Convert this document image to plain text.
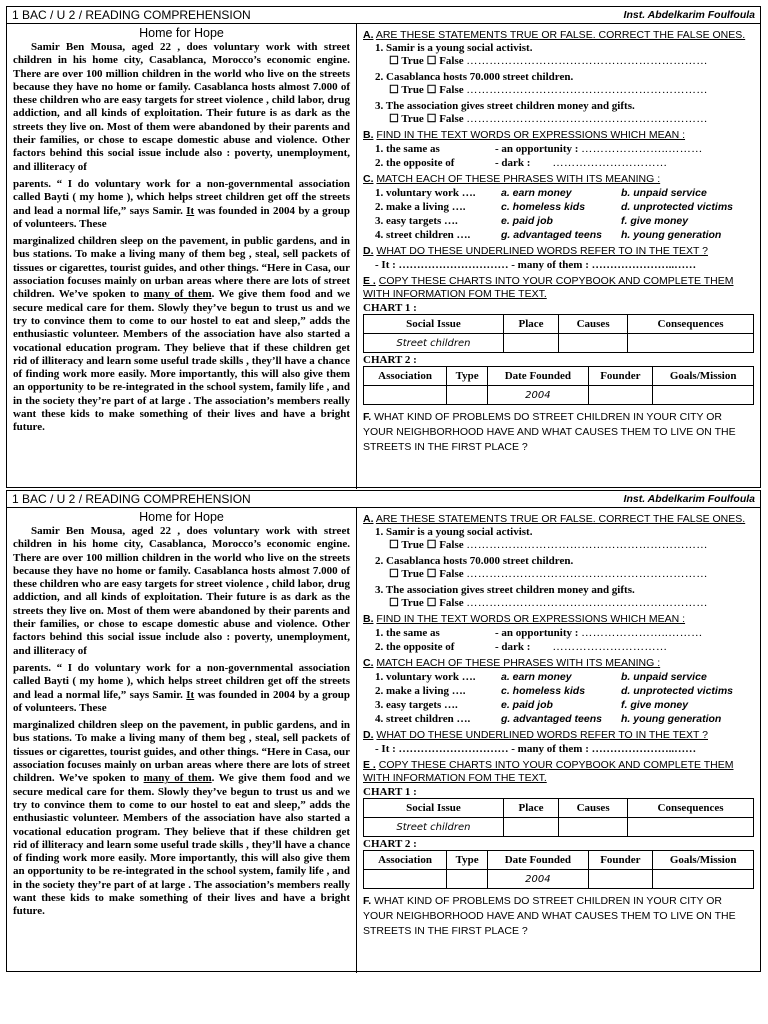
1 BAC / U 2 / READING COMPREHENSION	Inst. Abdelkarim Foulfoula
Home for Hope

Samir Ben Mousa, aged 22 , does voluntary work with street children in his home city, Casablanca, Morocco’s economic engine. There are over 100 million children in the world who live on the streets because they have no home or family. Casablanca hosts almost 7.000 of these children who are easy targets for street violence , child labor, drug addiction, and all kinds of exploitation. Their future is as dark as the streets they live on. Most of them were abandoned by their parents and their families, or chose to escape domestic abuse and violence. Other factors behind this social issue include also : poverty, unemployment, and illiteracy of

parents. “ I do voluntary work for a non-governmental association called Bayti ( my home ), which helps street children get off the streets and lead a normal life,” says Samir. It was founded in 2004 by a group of volunteers. These

marginalized children sleep on the pavement, in public gardens, and in bus stations. To make a living many of them beg , steal, sell packets of tissues or cigarettes, tourist guides, and other things. “Here in Casa, our association focuses mainly on urban areas where there are lots of street children. We’ve spoken to many of them. We give them food and we secure medical care for them. Slowly they’ve begun to trust us and we try to convince them to come to our hostel to eat and sleep,” adds the enthusiastic volunteer. Members of the association have also started a vocational education program. They believe that if these children get rid of illiteracy and learn some useful trade skills , they’ll have a chance of finding work more easily. More importantly, this will also give them an opportunity to be re-integrated in the school system, family life , and in the society they’re part of at large . The association’s members really want these kids to make something of their lives and have a bright future.

A. ARE THESE STATEMENTS TRUE OR FALSE. CORRECT THE FALSE ONES.
1. Samir is a young social activist.
☐ True ☐ False ………………………………………………………
2. Casablanca hosts 70.000 street children.
☐ True ☐ False ………………………………………………………
3. The association gives street children money and gifts.
☐ True ☐ False ………………………………………………………
B. FIND IN THE TEXT WORDS OR EXPRESSIONS WHICH MEAN :
1. the same as	- an opportunity :
…………………..………
2. the opposite of	- dark :
…………………………
C. MATCH EACH OF THESE PHRASES WITH ITS MEANING :
1. voluntary work ….	a. earn money	b. unpaid service
2. make a living ….	c. homeless kids	d. unprotected victims
3. easy targets ….	e. paid job	f. give money
4. street children ….	g. advantaged teens	h. young generation
D. WHAT DO THESE UNDERLINED WORDS REFER TO IN THE TEXT ?
- It : ………………………… - many of them : …………………..……
E . COPY THESE CHARTS INTO YOUR COPYBOOK AND COMPLETE THEM WITH INFORMATION FOM THE TEXT.
CHART 1 :
Social Issue	Place	Causes	Consequences
Street children			
CHART 2 :
Association	Type	Date Founded	Founder	Goals/Mission
		2004		
F. WHAT KIND OF PROBLEMS DO STREET CHILDREN IN YOUR CITY OR YOUR NEIGHBORHOOD HAVE AND WHAT CAUSES THEM TO LIVE ON THE STREETS IN THE FIRST PLACE ?
1 BAC / U 2 / READING COMPREHENSION	Inst. Abdelkarim Foulfoula
Home for Hope

Samir Ben Mousa, aged 22 , does voluntary work with street children in his home city, Casablanca, Morocco’s economic engine. There are over 100 million children in the world who live on the streets because they have no home or family. Casablanca hosts almost 7.000 of these children who are easy targets for street violence , child labor, drug addiction, and all kinds of exploitation. Their future is as dark as the streets they live on. Most of them were abandoned by their parents and their families, or chose to escape domestic abuse and violence. Other factors behind this social issue include also : poverty, unemployment, and illiteracy of

parents. “ I do voluntary work for a non-governmental association called Bayti ( my home ), which helps street children get off the streets and lead a normal life,” says Samir. It was founded in 2004 by a group of volunteers. These

marginalized children sleep on the pavement, in public gardens, and in bus stations. To make a living many of them beg , steal, sell packets of tissues or cigarettes, tourist guides, and other things. “Here in Casa, our association focuses mainly on urban areas where there are lots of street children. We’ve spoken to many of them. We give them food and we secure medical care for them. Slowly they’ve begun to trust us and we try to convince them to come to our hostel to eat and sleep,” adds the enthusiastic volunteer. Members of the association have also started a vocational education program. They believe that if these children get rid of illiteracy and learn some useful trade skills , they’ll have a chance of finding work more easily. More importantly, this will also give them an opportunity to be re-integrated in the school system, family life , and in the society they’re part of at large . The association’s members really want these kids to make something of their lives and have a bright future.

A. ARE THESE STATEMENTS TRUE OR FALSE. CORRECT THE FALSE ONES.
1. Samir is a young social activist.
☐ True ☐ False ………………………………………………………
2. Casablanca hosts 70.000 street children.
☐ True ☐ False ………………………………………………………
3. The association gives street children money and gifts.
☐ True ☐ False ………………………………………………………
B. FIND IN THE TEXT WORDS OR EXPRESSIONS WHICH MEAN :
1. the same as	- an opportunity :
…………………..………
2. the opposite of	- dark :
…………………………
C. MATCH EACH OF THESE PHRASES WITH ITS MEANING :
1. voluntary work ….	a. earn money	b. unpaid service
2. make a living ….	c. homeless kids	d. unprotected victims
3. easy targets ….	e. paid job	f. give money
4. street children ….	g. advantaged teens	h. young generation
D. WHAT DO THESE UNDERLINED WORDS REFER TO IN THE TEXT ?
- It : ………………………… - many of them : …………………..……
E . COPY THESE CHARTS INTO YOUR COPYBOOK AND COMPLETE THEM WITH INFORMATION FOM THE TEXT.
CHART 1 :
Social Issue	Place	Causes	Consequences
Street children			
CHART 2 :
Association	Type	Date Founded	Founder	Goals/Mission
		2004		
F. WHAT KIND OF PROBLEMS DO STREET CHILDREN IN YOUR CITY OR YOUR NEIGHBORHOOD HAVE AND WHAT CAUSES THEM TO LIVE ON THE STREETS IN THE FIRST PLACE ?
